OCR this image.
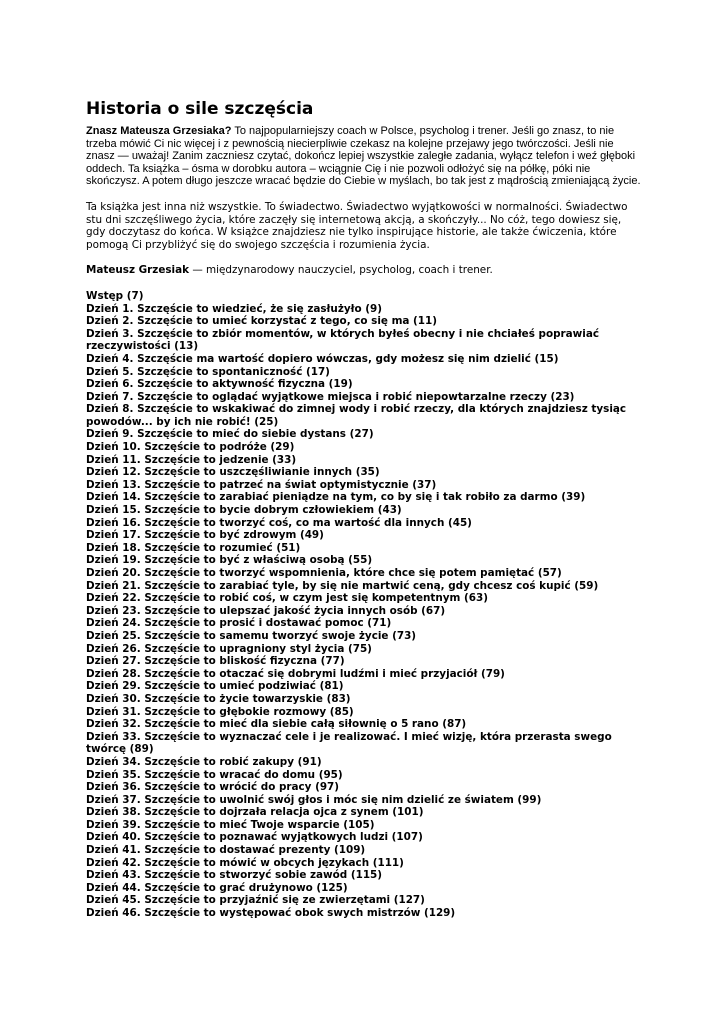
Historia o sile szczęścia

Znasz Mateusza Grzesiaka? To najpopularniejszy coach w Polsce, psycholog i trener. Jeśli go znasz, to nie trzeba mówić Ci nic więcej i z pewnością niecierpliwie czekasz na kolejne przejawy jego twórczości. Jeśli nie znasz — uważaj! Zanim zaczniesz czytać, dokończ lepiej wszystkie zaległe zadania, wyłącz telefon i weź głęboki oddech. Ta książka – ósma w dorobku autora – wciągnie Cię i nie pozwoli odłożyć się na półkę, póki nie skończysz. A potem długo jeszcze wracać będzie do Ciebie w myślach, bo tak jest z mądrością zmieniającą życie.

Ta książka jest inna niż wszystkie. To świadectwo. Świadectwo wyjątkowości w normalności. Świadectwo stu dni szczęśliwego życia, które zaczęły się internetową akcją, a skończyły... No cóż, tego dowiesz się, gdy doczytasz do końca. W książce znajdziesz nie tylko inspirujące historie, ale także ćwiczenia, które pomogą Ci przybliżyć się do swojego szczęścia i rozumienia życia.

Mateusz Grzesiak — międzynarodowy nauczyciel, psycholog, coach i trener.

Wstęp (7)
Dzień 1. Szczęście to wiedzieć, że się zasłużyło (9)
Dzień 2. Szczęście to umieć korzystać z tego, co się ma (11)
Dzień 3. Szczęście to zbiór momentów, w których byłeś obecny i nie chciałeś poprawiać rzeczywistości (13)
Dzień 4. Szczęście ma wartość dopiero wówczas, gdy możesz się nim dzielić (15)
Dzień 5. Szczęście to spontaniczność (17)
Dzień 6. Szczęście to aktywność fizyczna (19)
Dzień 7. Szczęście to oglądać wyjątkowe miejsca i robić niepowtarzalne rzeczy (23)
Dzień 8. Szczęście to wskakiwać do zimnej wody i robić rzeczy, dla których znajdziesz tysiąc powodów... by ich nie robić! (25)
Dzień 9. Szczęście to mieć do siebie dystans (27)
Dzień 10. Szczęście to podróże (29)
Dzień 11. Szczęście to jedzenie (33)
Dzień 12. Szczęście to uszczęśliwianie innych (35)
Dzień 13. Szczęście to patrzeć na świat optymistycznie (37)
Dzień 14. Szczęście to zarabiać pieniądze na tym, co by się i tak robiło za darmo (39)
Dzień 15. Szczęście to bycie dobrym człowiekiem (43)
Dzień 16. Szczęście to tworzyć coś, co ma wartość dla innych (45)
Dzień 17. Szczęście to być zdrowym (49)
Dzień 18. Szczęście to rozumieć (51)
Dzień 19. Szczęście to być z właściwą osobą (55)
Dzień 20. Szczęście to tworzyć wspomnienia, które chce się potem pamiętać (57)
Dzień 21. Szczęście to zarabiać tyle, by się nie martwić ceną, gdy chcesz coś kupić (59)
Dzień 22. Szczęście to robić coś, w czym jest się kompetentnym (63)
Dzień 23. Szczęście to ulepszać jakość życia innych osób (67)
Dzień 24. Szczęście to prosić i dostawać pomoc (71)
Dzień 25. Szczęście to samemu tworzyć swoje życie (73)
Dzień 26. Szczęście to upragniony styl życia (75)
Dzień 27. Szczęście to bliskość fizyczna (77)
Dzień 28. Szczęście to otaczać się dobrymi ludźmi i mieć przyjaciół (79)
Dzień 29. Szczęście to umieć podziwiać (81)
Dzień 30. Szczęście to życie towarzyskie (83)
Dzień 31. Szczęście to głębokie rozmowy (85)
Dzień 32. Szczęście to mieć dla siebie całą siłownię o 5 rano (87)
Dzień 33. Szczęście to wyznaczać cele i je realizować. I mieć wizję, która przerasta swego twórcę (89)
Dzień 34. Szczęście to robić zakupy (91)
Dzień 35. Szczęście to wracać do domu (95)
Dzień 36. Szczęście to wrócić do pracy (97)
Dzień 37. Szczęście to uwolnić swój głos i móc się nim dzielić ze światem (99)
Dzień 38. Szczęście to dojrzała relacja ojca z synem (101)
Dzień 39. Szczęście to mieć Twoje wsparcie (105)
Dzień 40. Szczęście to poznawać wyjątkowych ludzi (107)
Dzień 41. Szczęście to dostawać prezenty (109)
Dzień 42. Szczęście to mówić w obcych językach (111)
Dzień 43. Szczęście to stworzyć sobie zawód (115)
Dzień 44. Szczęście to grać drużynowo (125)
Dzień 45. Szczęście to przyjaźnić się ze zwierzętami (127)
Dzień 46. Szczęście to występować obok swych mistrzów (129)
